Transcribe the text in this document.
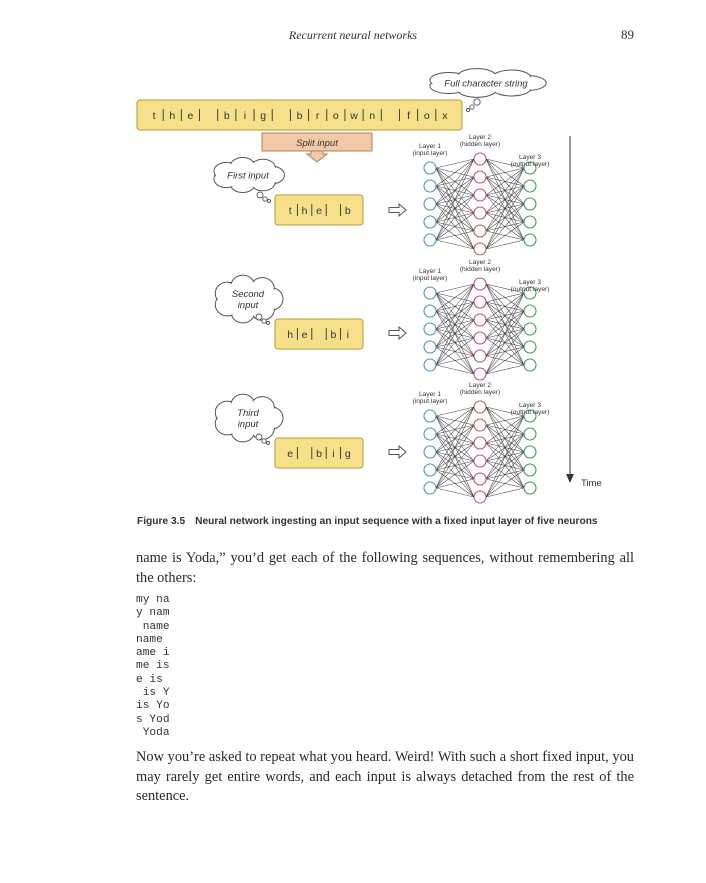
Recurrent neural networks	89
Full character string
t h e	b i g	b r o w n	f o x
Split input
First input
t h e b
Layer 1
(input layer)
Layer 2
(hidden layer)
Layer 3
(output layer)
Second
input
h e b i
Layer 1
(input layer)
Layer 2
(hidden layer)
Layer 3
(output layer)
Third
input
e b i g
Layer 1
(input layer)
Layer 2
(hidden layer)
Layer 3
(output layer)
Time
Figure 3.5 Neural network ingesting an input sequence with a fixed input layer of five neurons

name is Yoda,” you’d get each of the following sequences, without remembering all the others:

my na
y nam
name
name
ame i
me is
e is
is Y
is Yo
s Yod
Yoda

Now you’re asked to repeat what you heard. Weird! With such a short fixed input, you may rarely get entire words, and each input is always detached from the rest of the sentence.
